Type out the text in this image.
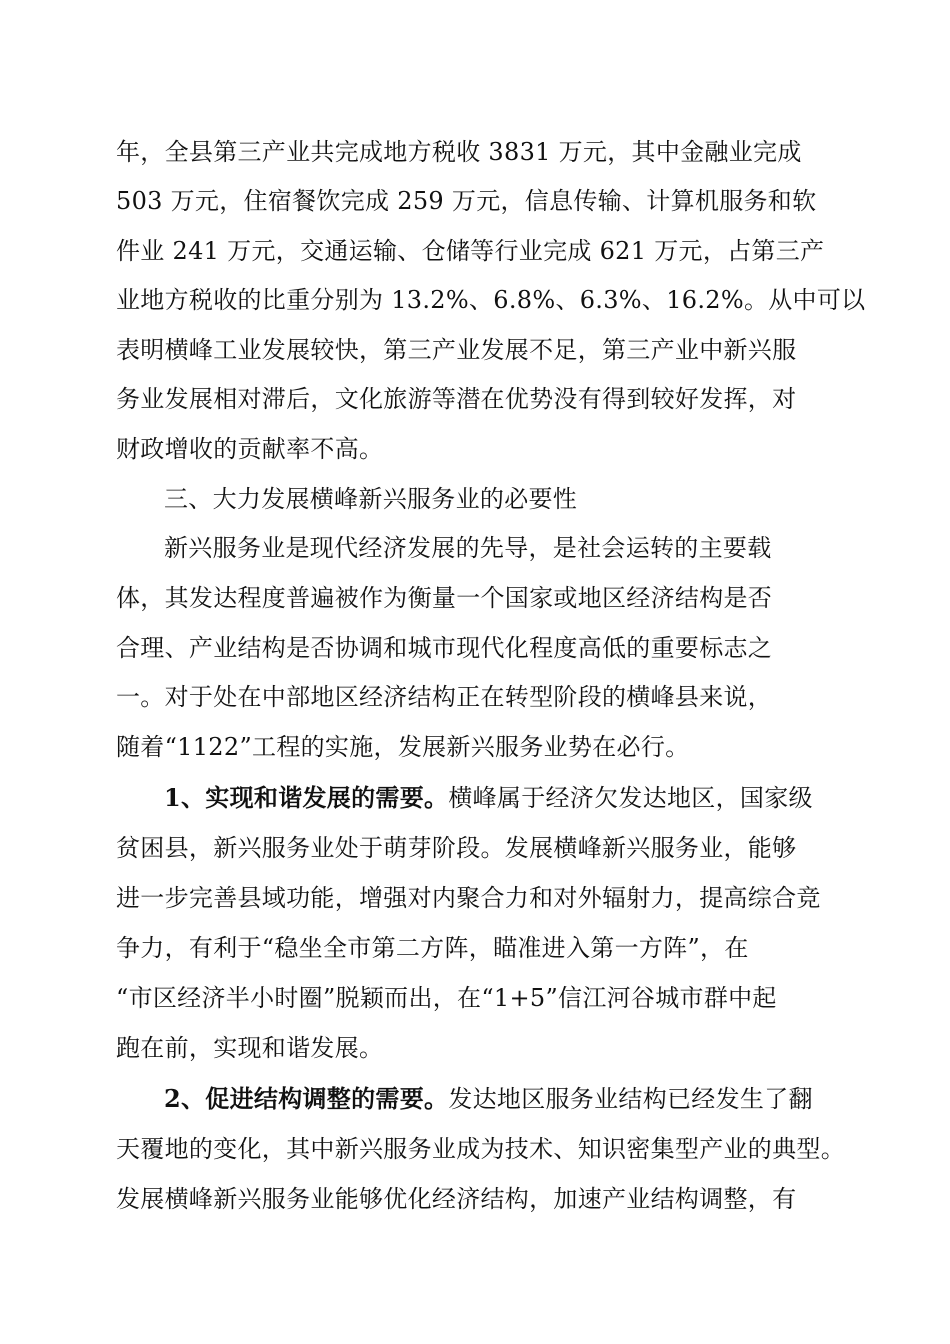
年，全县第三产业共完成地方税收 3831 万元，其中金融业完成
503 万元，住宿餐饮完成 259 万元，信息传输、计算机服务和软
件业 241 万元，交通运输、仓储等行业完成 621 万元，占第三产
业地方税收的比重分别为 13.2%、6.8%、6.3%、16.2%。从中可以
表明横峰工业发展较快，第三产业发展不足，第三产业中新兴服
务业发展相对滞后，文化旅游等潜在优势没有得到较好发挥，对
财政增收的贡献率不高。
三、大力发展横峰新兴服务业的必要性
新兴服务业是现代经济发展的先导，是社会运转的主要载
体，其发达程度普遍被作为衡量一个国家或地区经济结构是否
合理、产业结构是否协调和城市现代化程度高低的重要标志之
一。对于处在中部地区经济结构正在转型阶段的横峰县来说，
随着“1122”工程的实施，发展新兴服务业势在必行。
1、实现和谐发展的需要。横峰属于经济欠发达地区，国家级
贫困县，新兴服务业处于萌芽阶段。发展横峰新兴服务业，能够
进一步完善县域功能，增强对内聚合力和对外辐射力，提高综合竞
争力，有利于“稳坐全市第二方阵，瞄准进入第一方阵”，在
“市区经济半小时圈”脱颖而出，在“1+5”信江河谷城市群中起
跑在前，实现和谐发展。
2、促进结构调整的需要。发达地区服务业结构已经发生了翻
天覆地的变化，其中新兴服务业成为技术、知识密集型产业的典型。
发展横峰新兴服务业能够优化经济结构，加速产业结构调整，有
